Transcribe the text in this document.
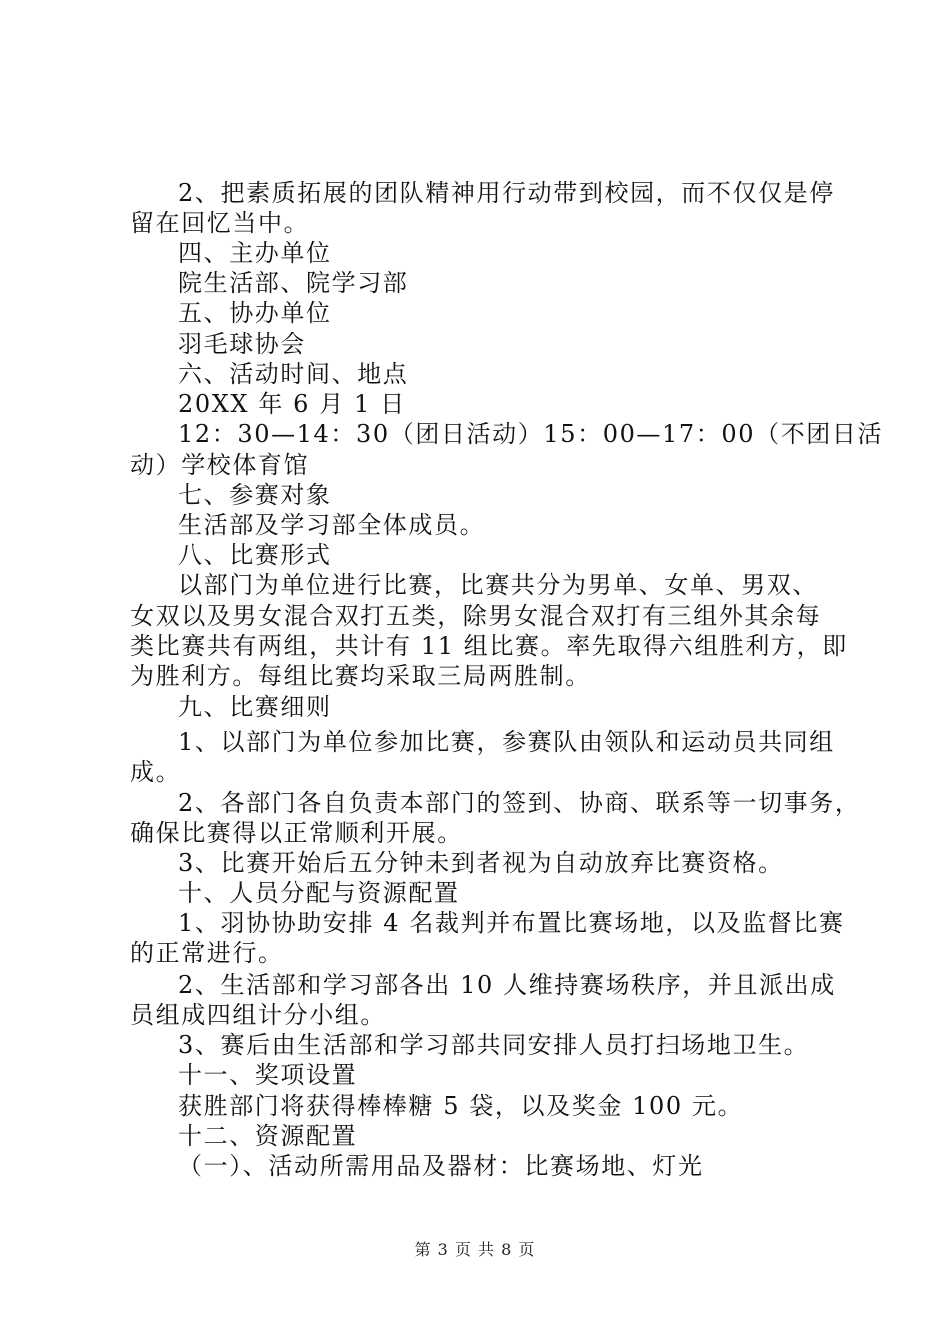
2、把素质拓展的团队精神用行动带到校园，而不仅仅是停
留在回忆当中。
四、主办单位
院生活部、院学习部
五、协办单位
羽毛球协会
六、活动时间、地点
20XX 年 6 月 1 日
12：30—14：30（团日活动）15：00—17：00（不团日活
动）学校体育馆
七、参赛对象
生活部及学习部全体成员。
八、比赛形式
以部门为单位进行比赛，比赛共分为男单、女单、男双、
女双以及男女混合双打五类，除男女混合双打有三组外其余每
类比赛共有两组，共计有 11 组比赛。率先取得六组胜利方，即
为胜利方。每组比赛均采取三局两胜制。
九、比赛细则
1、以部门为单位参加比赛，参赛队由领队和运动员共同组
成。
2、各部门各自负责本部门的签到、协商、联系等一切事务，
确保比赛得以正常顺利开展。
3、比赛开始后五分钟未到者视为自动放弃比赛资格。
十、人员分配与资源配置
1、羽协协助安排 4 名裁判并布置比赛场地，以及监督比赛
的正常进行。
2、生活部和学习部各出 10 人维持赛场秩序，并且派出成
员组成四组计分小组。
3、赛后由生活部和学习部共同安排人员打扫场地卫生。
十一、奖项设置
获胜部门将获得棒棒糖 5 袋，以及奖金 100 元。
十二、资源配置
（一）、活动所需用品及器材：比赛场地、灯光
第 3 页 共 8 页
